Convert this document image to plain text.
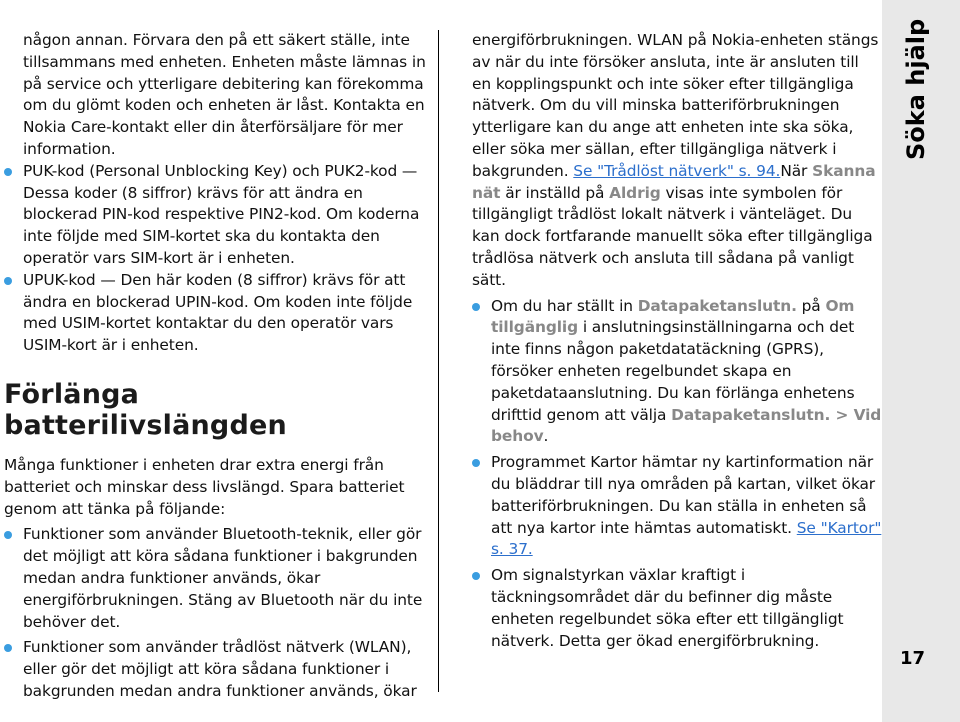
någon annan. Förvara den på ett säkert ställe, inte tillsammans med enheten. Enheten måste lämnas in på service och ytterligare debitering kan förekomma om du glömt koden och enheten är låst. Kontakta en Nokia Care-kontakt eller din återförsäljare för mer information.

PUK-kod (Personal Unblocking Key) och PUK2-kod — Dessa koder (8 siffror) krävs för att ändra en blockerad PIN-kod respektive PIN2-kod. Om koderna inte följde med SIM-kortet ska du kontakta den operatör vars SIM-kort är i enheten.
UPUK-kod — Den här koden (8 siffror) krävs för att ändra en blockerad UPIN-kod. Om koden inte följde med USIM-kortet kontaktar du den operatör vars USIM-kort är i enheten.
Förlänga batterilivslängden

Många funktioner i enheten drar extra energi från batteriet och minskar dess livslängd. Spara batteriet genom att tänka på följande:

Funktioner som använder Bluetooth-teknik, eller gör det möjligt att köra sådana funktioner i bakgrunden medan andra funktioner används, ökar energiförbrukningen. Stäng av Bluetooth när du inte behöver det.
Funktioner som använder trådlöst nätverk (WLAN), eller gör det möjligt att köra sådana funktioner i bakgrunden medan andra funktioner används, ökar

energiförbrukningen. WLAN på Nokia-enheten stängs av när du inte försöker ansluta, inte är ansluten till en kopplingspunkt och inte söker efter tillgängliga nätverk. Om du vill minska batteriförbrukningen ytterligare kan du ange att enheten inte ska söka, eller söka mer sällan, efter tillgängliga nätverk i bakgrunden. Se "Trådlöst nätverk" s. 94.När Skanna nät är inställd på Aldrig visas inte symbolen för tillgängligt trådlöst lokalt nätverk i vänteläget. Du kan dock fortfarande manuellt söka efter tillgängliga trådlösa nätverk och ansluta till sådana på vanligt sätt.

Om du har ställt in Datapaketanslutn. på Om tillgänglig i anslutningsinställningarna och det inte finns någon paketdatatäckning (GPRS), försöker enheten regelbundet skapa en paketdataanslutning. Du kan förlänga enhetens drifttid genom att välja Datapaketanslutn. > Vid behov.
Programmet Kartor hämtar ny kartinformation när du bläddrar till nya områden på kartan, vilket ökar batteriförbrukningen. Du kan ställa in enheten så att nya kartor inte hämtas automatiskt. Se "Kartor" s. 37.
Om signalstyrkan växlar kraftigt i täckningsområdet där du befinner dig måste enheten regelbundet söka efter ett tillgängligt nätverk. Detta ger ökad energiförbrukning.
Söka hjälp
17
